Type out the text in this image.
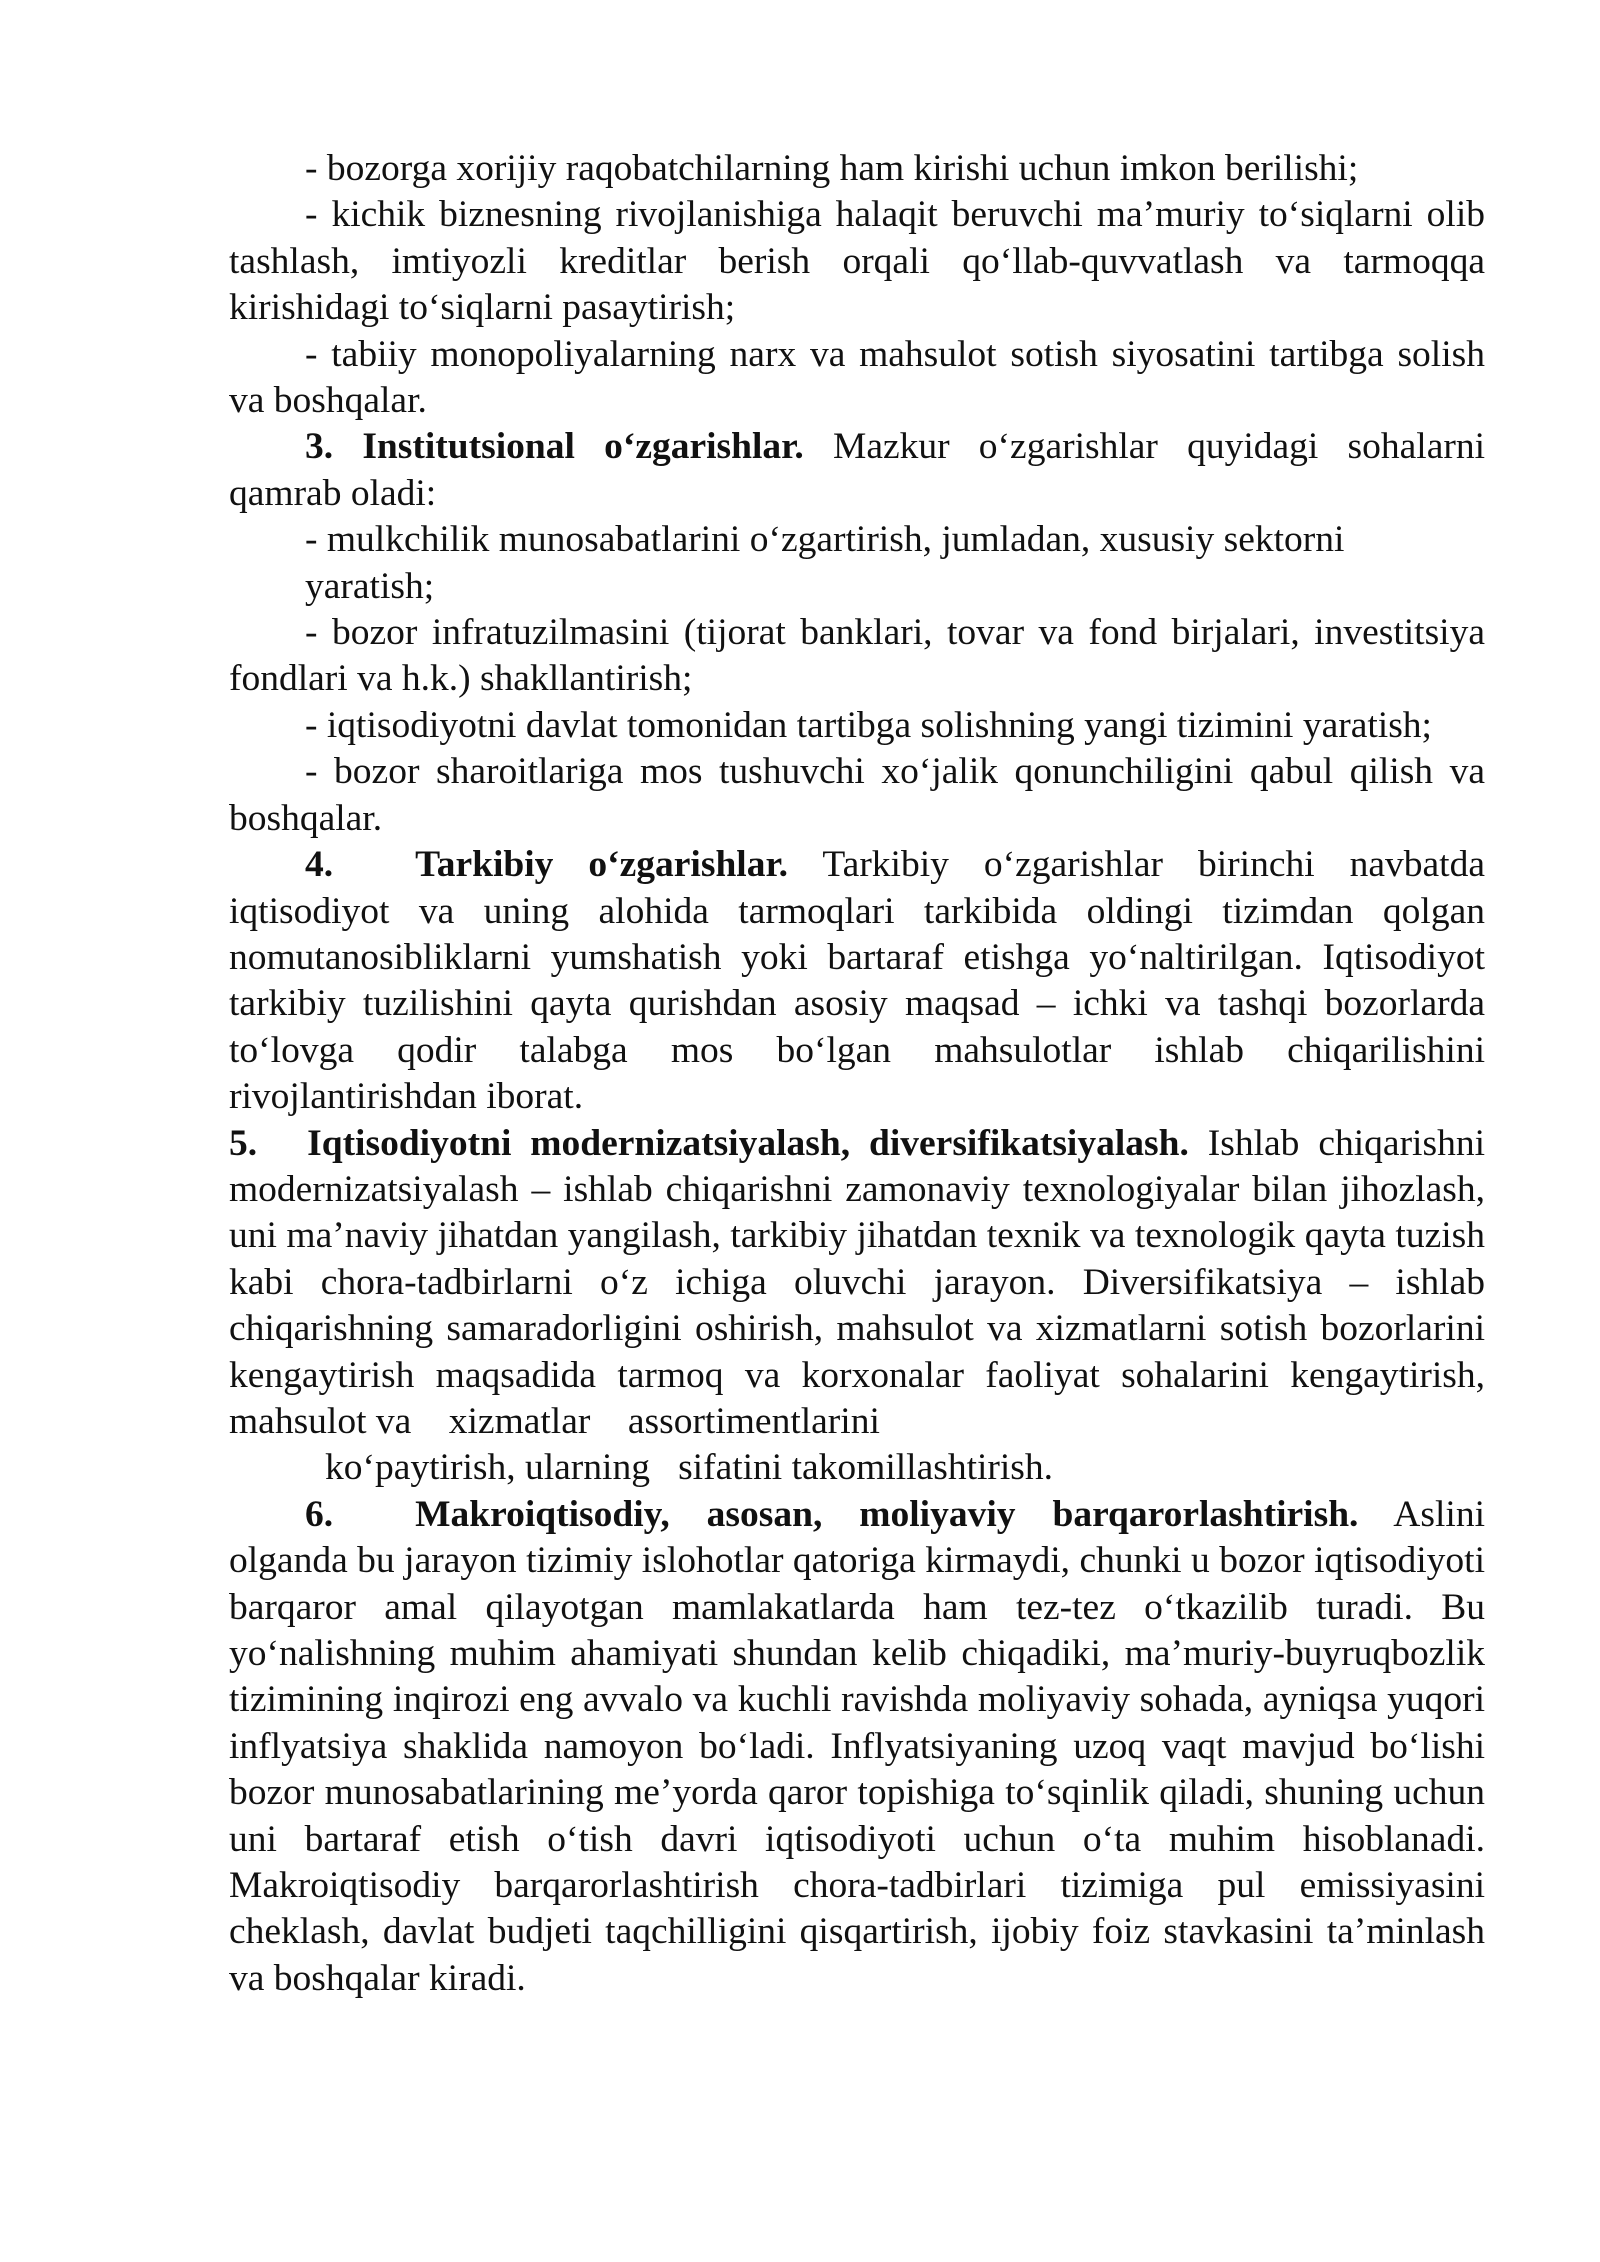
- bozorga xorijiy raqobatchilarning ham kirishi uchun imkon berilishi;

- kichik biznesning rivojlanishiga halaqit beruvchi ma’muriy to‘siqlarni olib tashlash, imtiyozli kreditlar berish orqali qo‘llab-quvvatlash va tarmoqqa kirishidagi to‘siqlarni pasaytirish;

- tabiiy monopoliyalarning narx va mahsulot sotish siyosatini tartibga solish va boshqalar.

3. Institutsional o‘zgarishlar. Mazkur o‘zgarishlar quyidagi sohalarni qamrab oladi:

- mulkchilik munosabatlarini o‘zgartirish, jumladan, xususiy sektorni
yaratish;

- bozor infratuzilmasini (tijorat banklari, tovar va fond birjalari, investitsiya fondlari va h.k.) shakllantirish;

- iqtisodiyotni davlat tomonidan tartibga solishning yangi tizimini yaratish;

- bozor sharoitlariga mos tushuvchi xo‘jalik qonunchiligini qabul qilish va boshqalar.

4. Tarkibiy o‘zgarishlar. Tarkibiy o‘zgarishlar birinchi navbatda iqtisodiyot va uning alohida tarmoqlari tarkibida oldingi tizimdan qolgan nomutanosibliklarni yumshatish yoki bartaraf etishga yo‘naltirilgan. Iqtisodiyot tarkibiy tuzilishini qayta qurishdan asosiy maqsad – ichki va tashqi bozorlarda to‘lovga qodir talabga mos bo‘lgan mahsulotlar ishlab chiqarilishini rivojlantirishdan iborat.

5. Iqtisodiyotni modernizatsiyalash, diversifikatsiyalash. Ishlab chiqarishni modernizatsiyalash – ishlab chiqarishni zamonaviy texnologiyalar bilan jihozlash, uni ma’naviy jihatdan yangilash, tarkibiy jihatdan texnik va texnologik qayta tuzish kabi chora-tadbirlarni o‘z ichiga oluvchi jarayon. Diversifikatsiya – ishlab chiqarishning samaradorligini oshirish, mahsulot va xizmatlarni sotish bozorlarini kengaytirish maqsadida tarmoq va korxonalar faoliyat sohalarini kengaytirish, mahsulot va    xizmatlar    assortimentlarini

ko‘paytirish, ularning   sifatini takomillashtirish.

6. Makroiqtisodiy, asosan, moliyaviy barqarorlashtirish. Aslini olganda bu jarayon tizimiy islohotlar qatoriga kirmaydi, chunki u bozor iqtisodiyoti barqaror amal qilayotgan mamlakatlarda ham tez-tez o‘tkazilib turadi. Bu yo‘nalishning muhim ahamiyati shundan kelib chiqadiki, ma’muriy-buyruqbozlik tizimining inqirozi eng avvalo va kuchli ravishda moliyaviy sohada, ayniqsa yuqori inflyatsiya shaklida namoyon bo‘ladi. Inflyatsiyaning uzoq vaqt mavjud bo‘lishi bozor munosabatlarining me’yorda qaror topishiga to‘sqinlik qiladi, shuning uchun uni bartaraf etish o‘tish davri iqtisodiyoti uchun o‘ta muhim hisoblanadi. Makroiqtisodiy barqarorlashtirish chora-tadbirlari tizimiga pul emissiyasini cheklash, davlat budjeti taqchilligini qisqartirish, ijobiy foiz stavkasini ta’minlash va boshqalar kiradi.
